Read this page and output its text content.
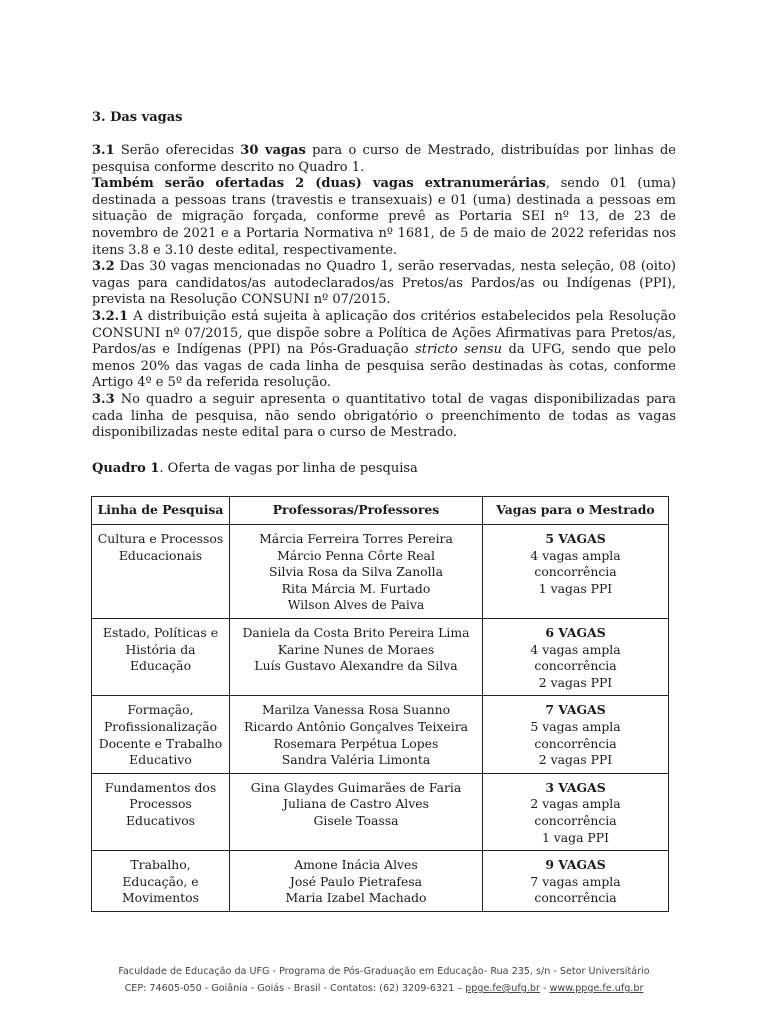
3. Das vagas

3.1 Serão oferecidas 30 vagas para o curso de Mestrado, distribuídas por linhas de pesquisa conforme descrito no Quadro 1.

Também serão ofertadas 2 (duas) vagas extranumerárias, sendo 01 (uma) destinada a pessoas trans (travestis e transexuais) e 01 (uma) destinada a pessoas em situação de migração forçada, conforme prevê as Portaria SEI nº 13, de 23 de novembro de 2021 e a Portaria Normativa nº 1681, de 5 de maio de 2022 referidas nos itens 3.8 e 3.10 deste edital, respectivamente.

3.2 Das 30 vagas mencionadas no Quadro 1, serão reservadas, nesta seleção, 08 (oito) vagas para candidatos/as autodeclarados/as Pretos/as Pardos/as ou Indígenas (PPI), prevista na Resolução CONSUNI nº 07/2015.

3.2.1 A distribuição está sujeita à aplicação dos critérios estabelecidos pela Resolução CONSUNI nº 07/2015, que dispõe sobre a Política de Ações Afirmativas para Pretos/as, Pardos/as e Indígenas (PPI) na Pós-Graduação stricto sensu da UFG, sendo que pelo menos 20% das vagas de cada linha de pesquisa serão destinadas às cotas, conforme Artigo 4º e 5º da referida resolução.

3.3 No quadro a seguir apresenta o quantitativo total de vagas disponibilizadas para cada linha de pesquisa, não sendo obrigatório o preenchimento de todas as vagas disponibilizadas neste edital para o curso de Mestrado.

Quadro 1. Oferta de vagas por linha de pesquisa
Linha de Pesquisa	Professoras/Professores	Vagas para o Mestrado

Cultura e Processos
Educacionais	Márcia Ferreira Torres Pereira
Márcio Penna Côrte Real
Silvia Rosa da Silva Zanolla
Rita Márcia M. Furtado
Wilson Alves de Paiva	5 VAGAS
4 vagas ampla
concorrência
1 vagas PPI

Estado, Políticas e
História da
Educação	Daniela da Costa Brito Pereira Lima
Karine Nunes de Moraes
Luís Gustavo Alexandre da Silva	6 VAGAS
4 vagas ampla
concorrência
2 vagas PPI

Formação,
Profissionalização
Docente e Trabalho
Educativo	Marilza Vanessa Rosa Suanno
Ricardo Antônio Gonçalves Teixeira
Rosemara Perpétua Lopes
Sandra Valéria Limonta	7 VAGAS
5 vagas ampla
concorrência
2 vagas PPI

Fundamentos dos
Processos
Educativos	Gina Glaydes Guimarães de Faria
Juliana de Castro Alves
Gisele Toassa	3 VAGAS
2 vagas ampla
concorrência
1 vaga PPI

Trabalho,
Educação, e
Movimentos	Amone Inácia Alves
José Paulo Pietrafesa
Maria Izabel Machado	9 VAGAS
7 vagas ampla
concorrência
Faculdade de Educação da UFG - Programa de Pós-Graduação em Educação- Rua 235, s/n - Setor Universitário
CEP: 74605-050 - Goiânia - Goiás - Brasil - Contatos: (62) 3209-6321 – ppge.fe@ufg.br - www.ppge.fe.ufg.br
